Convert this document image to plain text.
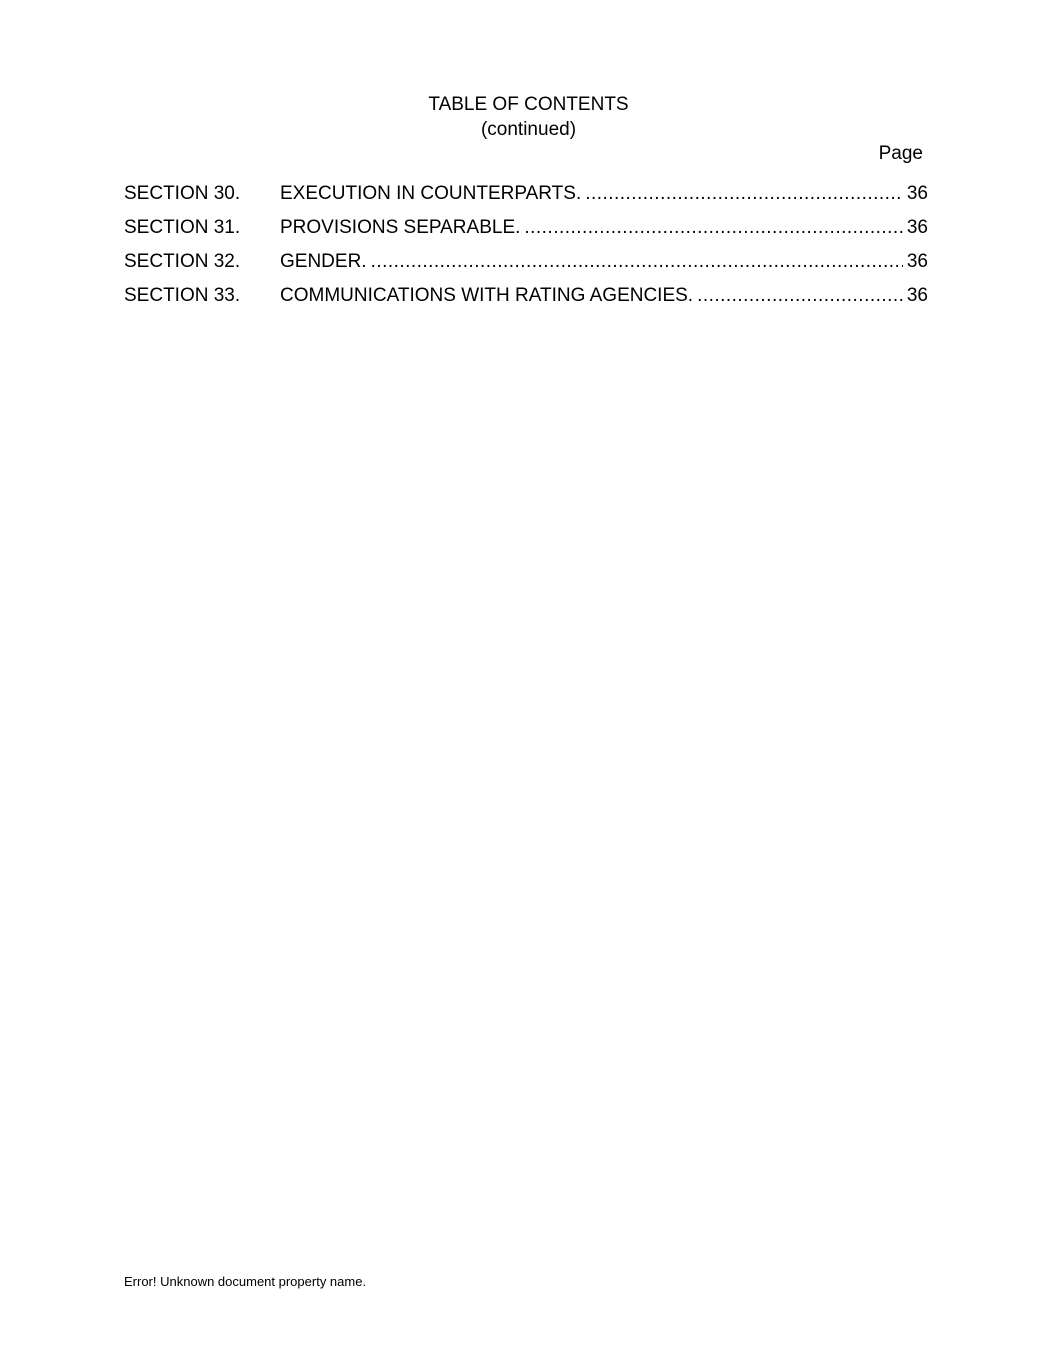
TABLE OF CONTENTS
(continued)
Page
SECTION 30.	EXECUTION IN COUNTERPARTS. . . .	36
SECTION 31.	PROVISIONS SEPARABLE. . . .	36
SECTION 32.	GENDER. . . .	36
SECTION 33.	COMMUNICATIONS WITH RATING AGENCIES. . . .	36
Error! Unknown document property name.
